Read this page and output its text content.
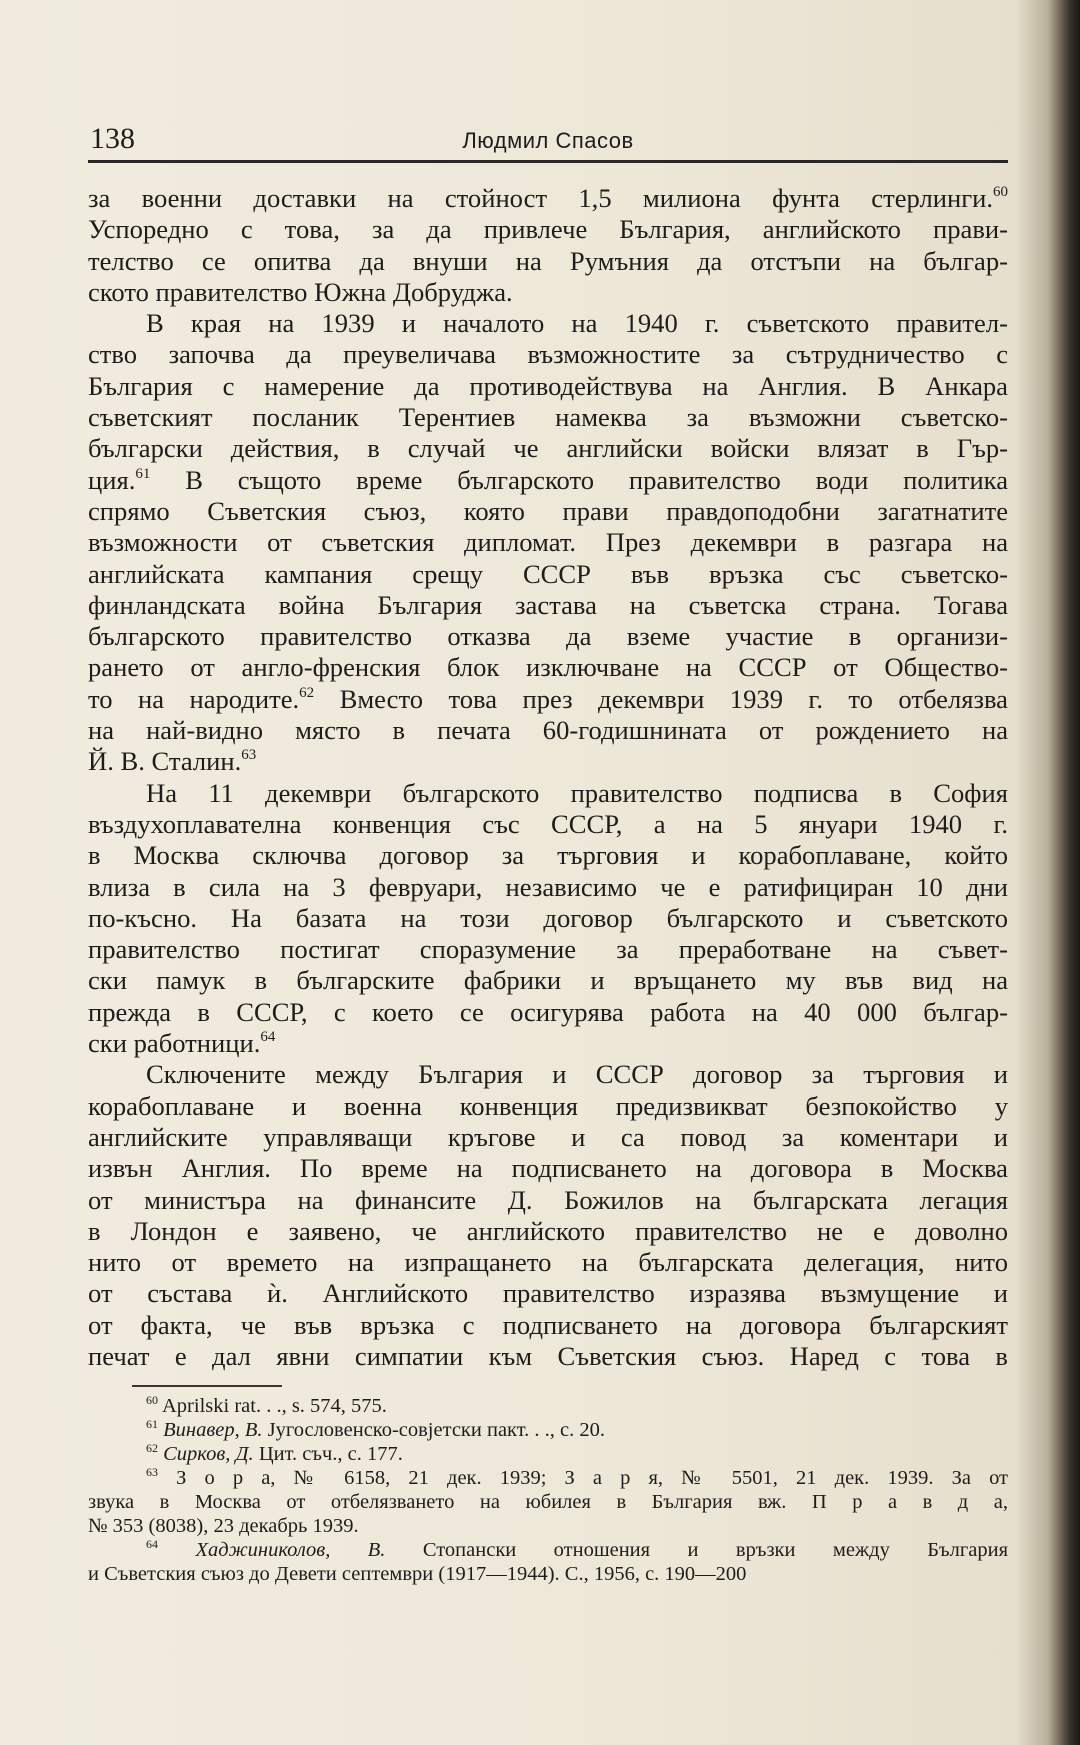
138	Людмил Спасов
за военни доставки на стойност 1,5 милиона фунта стерлинги.$^{60}$
Успоредно с това, за да привлече България, английското прави-
телство се опитва да внуши на Румъния да отстъпи на българ-
ското правителство Южна Добруджа.
В края на 1939 и началото на 1940 г. съветското правител-
ство започва да преувеличава възможностите за сътрудничество с
България с намерение да противодействува на Англия. В Анкара
съветският посланик Терентиев намеква за възможни съветско-
български действия, в случай че английски войски влязат в Гър-
ция.$^{61}$ В същото време българското правителство води политика
спрямо Съветския съюз, която прави правдоподобни загатнатите
възможности от съветския дипломат. През декември в разгара на
английската кампания срещу СССР във връзка със съветско-
финландската война България застава на съветска страна. Тогава
българското правителство отказва да вземе участие в организи-
рането от англо-френския блок изключване на СССР от Общество-
то на народите.$^{62}$ Вместо това през декември 1939 г. то отбелязва
на най-видно място в печата 60-годишнината от рождението на
Й. В. Сталин.$^{63}$
На 11 декември българското правителство подписва в София
въздухоплавателна конвенция със СССР, а на 5 януари 1940 г.
в Москва сключва договор за търговия и корабоплаване, който
влиза в сила на 3 февруари, независимо че е ратифициран 10 дни
по-късно. На базата на този договор българското и съветското
правителство постигат споразумение за преработване на съвет-
ски памук в българските фабрики и връщането му във вид на
прежда в СССР, с което се осигурява работа на 40 000 българ-
ски работници.$^{64}$
Сключените между България и СССР договор за търговия и
корабоплаване и военна конвенция предизвикват безпокойство у
английските управляващи кръгове и са повод за коментари и
извън Англия. По време на подписването на договора в Москва
от министъра на финансите Д. Божилов на българската легация
в Лондон е заявено, че английското правителство не е доволно
нито от времето на изпращането на българската делегация, нито
от състава ѝ. Английското правителство изразява възмущение и
от факта, че във връзка с подписването на договора българският
печат е дал явни симпатии към Съветския съюз. Наред с това в
$^{60}$ Aprilski rat. . ., s. 574, 575.
$^{61}$ Винавер, В. Југословенско-совјетски пакт. . ., с. 20.
$^{62}$ Сирков, Д. Цит. съч., с. 177.
$^{63}$ З о р а, № 6158, 21 дек. 1939; З а р я, № 5501, 21 дек. 1939. За от
звука в Москва от отбелязването на юбилея в България вж. П р а в д а,
№ 353 (8038), 23 декабрь 1939.
$^{64}$ Хаджиниколов, В. Стопански отношения и връзки между България
и Съветския съюз до Девети септември (1917—1944). С., 1956, с. 190—200
